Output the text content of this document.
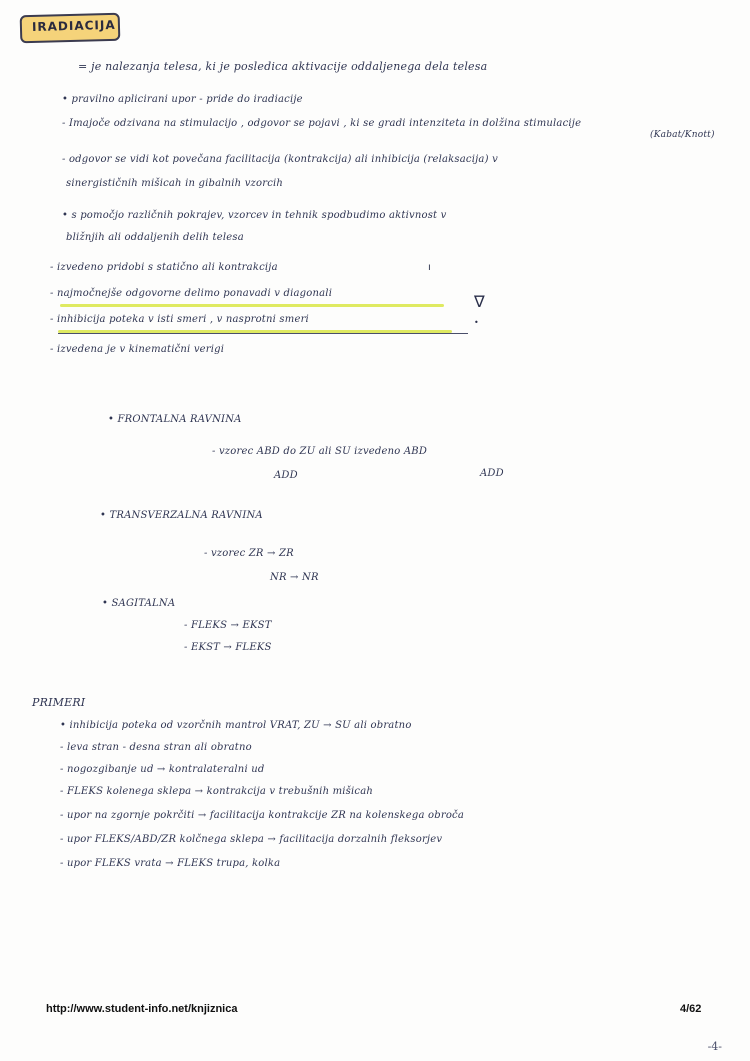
IRADIACIJA
= je nalezanja telesa, ki je posledica aktivacije oddaljenega dela telesa
• pravilno aplicirani upor - pride do iradiacije
- Imajoče odzivana na stimulacijo , odgovor se pojavi , ki se gradi intenziteta in dolžina stimulacije
(Kabat/Knott)
- odgovor se vidi kot povečana facilitacija (kontrakcija) ali inhibicija (relaksacija) v
sinergističnih mišicah in gibalnih vzorcih
• s pomočjo različnih pokrajev, vzorcev in tehnik spodbudimo aktivnost v
bližnjih ali oddaljenih delih telesa
- izvedeno pridobi s statično ali kontrakcija	ı
- najmočnejše odgovorne delimo ponavadi v diagonali	∇
- inhibicija poteka v isti smeri , v nasprotni smeri	•
- izvedena je v kinematični verigi
• FRONTALNA RAVNINA
- vzorec ABD do ZU ali SU izvedeno ABD
ADD	ADD
• TRANSVERZALNA RAVNINA
- vzorec ZR → ZR
NR → NR
• SAGITALNA
- FLEKS → EKST
- EKST → FLEKS
PRIMERI
• inhibicija poteka od vzorčnih mantrol VRAT, ZU → SU ali obratno
- leva stran - desna stran ali obratno
- nogozgibanje ud → kontralateralni ud
- FLEKS kolenega sklepa → kontrakcija v trebušnih mišicah
- upor na zgornje pokrčiti → facilitacija kontrakcije ZR na kolenskega obroča
- upor FLEKS/ABD/ZR kolčnega sklepa → facilitacija dorzalnih fleksorjev
- upor FLEKS vrata → FLEKS trupa, kolka
http://www.student-info.net/knjiznica	4/62
-4-
